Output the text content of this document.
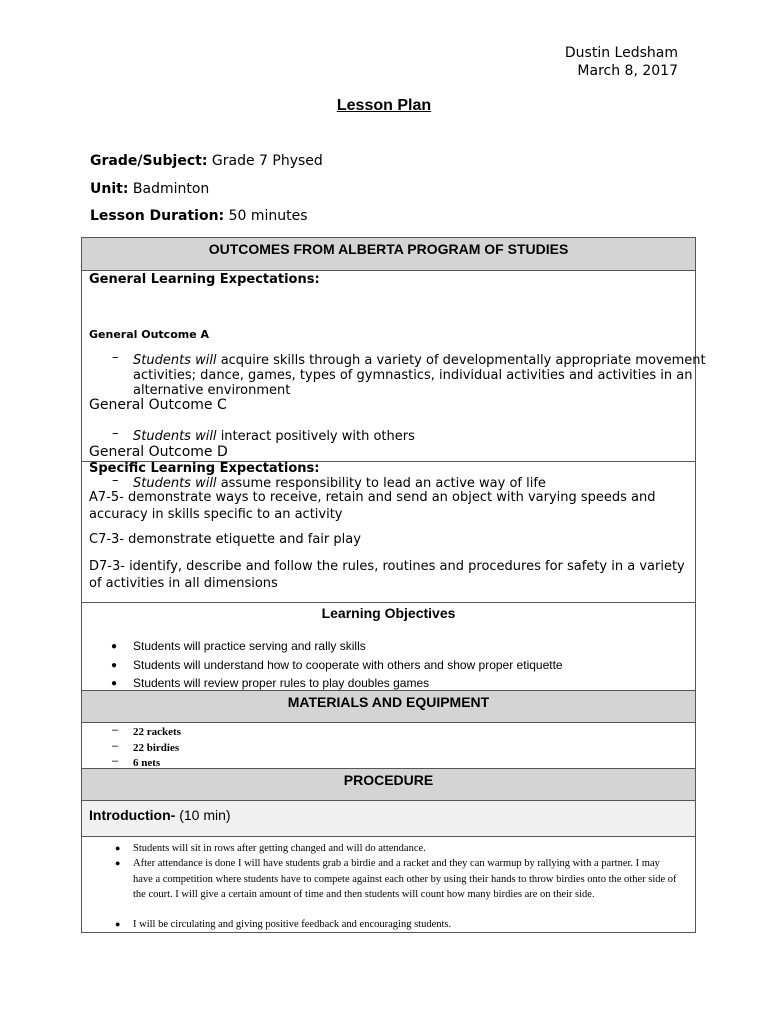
Dustin Ledsham
March 8, 2017
Lesson Plan
Grade/Subject: Grade 7 Physed
Unit: Badminton
Lesson Duration: 50 minutes
OUTCOMES FROM ALBERTA PROGRAM OF STUDIES
General Learning Expectations:
General Outcome A
– Students will acquire skills through a variety of developmentally appropriate movement activities; dance, games, types of gymnastics, individual activities and activities in an alternative environment
General Outcome C
– Students will interact positively with others
General Outcome D
– Students will assume responsibility to lead an active way of life
Specific Learning Expectations:
A7-5- demonstrate ways to receive, retain and send an object with varying speeds and accuracy in skills specific to an activity
C7-3- demonstrate etiquette and fair play
D7-3- identify, describe and follow the rules, routines and procedures for safety in a variety of activities in all dimensions
Learning Objectives
● Students will practice serving and rally skills
● Students will understand how to cooperate with others and show proper etiquette
● Students will review proper rules to play doubles games
MATERIALS AND EQUIPMENT
– 22 rackets
– 22 birdies
– 6 nets
PROCEDURE
Introduction- (10 min)
● Students will sit in rows after getting changed and will do attendance.
● After attendance is done I will have students grab a birdie and a racket and they can warmup by rallying with a partner. I may have a competition where students have to compete against each other by using their hands to throw birdies onto the other side of the court. I will give a certain amount of time and then students will count how many birdies are on their side.
● I will be circulating and giving positive feedback and encouraging students.
